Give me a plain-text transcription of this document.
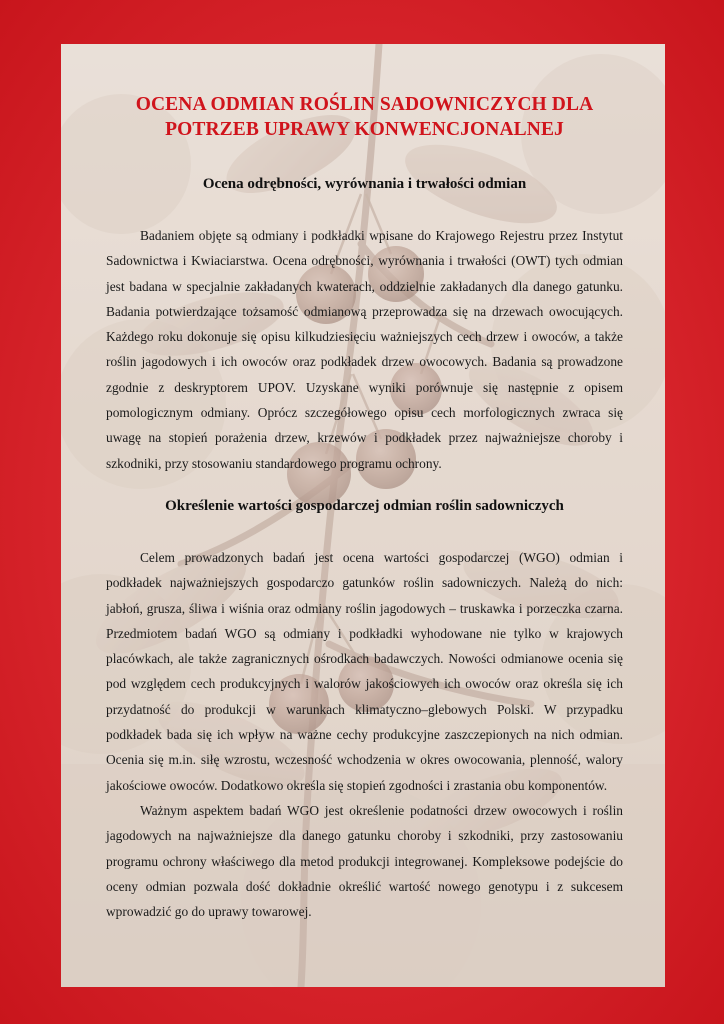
OCENA ODMIAN ROŚLIN SADOWNICZYCH DLA POTRZEB UPRAWY KONWENCJONALNEJ
Ocena odrębności, wyrównania i trwałości odmian

Badaniem objęte są odmiany i podkładki wpisane do Krajowego Rejestru przez Instytut Sadownictwa i Kwiaciarstwa. Ocena odrębności, wyrównania i trwałości (OWT) tych odmian jest badana w specjalnie zakładanych kwaterach, oddzielnie zakładanych dla danego gatunku. Badania potwierdzające tożsamość odmianową przeprowadza się na drzewach owocujących. Każdego roku dokonuje się opisu kilkudziesięciu ważniejszych cech drzew i owoców, a także roślin jagodowych i ich owoców oraz podkładek drzew owocowych. Badania są prowadzone zgodnie z deskryptorem UPOV. Uzyskane wyniki porównuje się następnie z opisem pomologicznym odmiany. Oprócz szczegółowego opisu cech morfologicznych zwraca się uwagę na stopień porażenia drzew, krzewów i podkładek przez najważniejsze choroby i szkodniki, przy stosowaniu standardowego programu ochrony.

Określenie wartości gospodarczej odmian roślin sadowniczych

Celem prowadzonych badań jest ocena wartości gospodarczej (WGO) odmian i podkładek najważniejszych gospodarczo gatunków roślin sadowniczych. Należą do nich: jabłoń, grusza, śliwa i wiśnia oraz odmiany roślin jagodowych – truskawka i porzeczka czarna. Przedmiotem badań WGO są odmiany i podkładki wyhodowane nie tylko w krajowych placówkach, ale także zagranicznych ośrodkach badawczych. Nowości odmianowe ocenia się pod względem cech produkcyjnych i walorów jakościowych ich owoców oraz określa się ich przydatność do produkcji w warunkach klimatyczno–glebowych Polski. W przypadku podkładek bada się ich wpływ na ważne cechy produkcyjne zaszczepionych na nich odmian. Ocenia się m.in. siłę wzrostu, wczesność wchodzenia w okres owocowania, plenność, walory jakościowe owoców. Dodatkowo określa się stopień zgodności i zrastania obu komponentów.

Ważnym aspektem badań WGO jest określenie podatności drzew owocowych i roślin jagodowych na najważniejsze dla danego gatunku choroby i szkodniki, przy zastosowaniu programu ochrony właściwego dla metod produkcji integrowanej. Kompleksowe podejście do oceny odmian pozwala dość dokładnie określić wartość nowego genotypu i z sukcesem wprowadzić go do uprawy towarowej.
